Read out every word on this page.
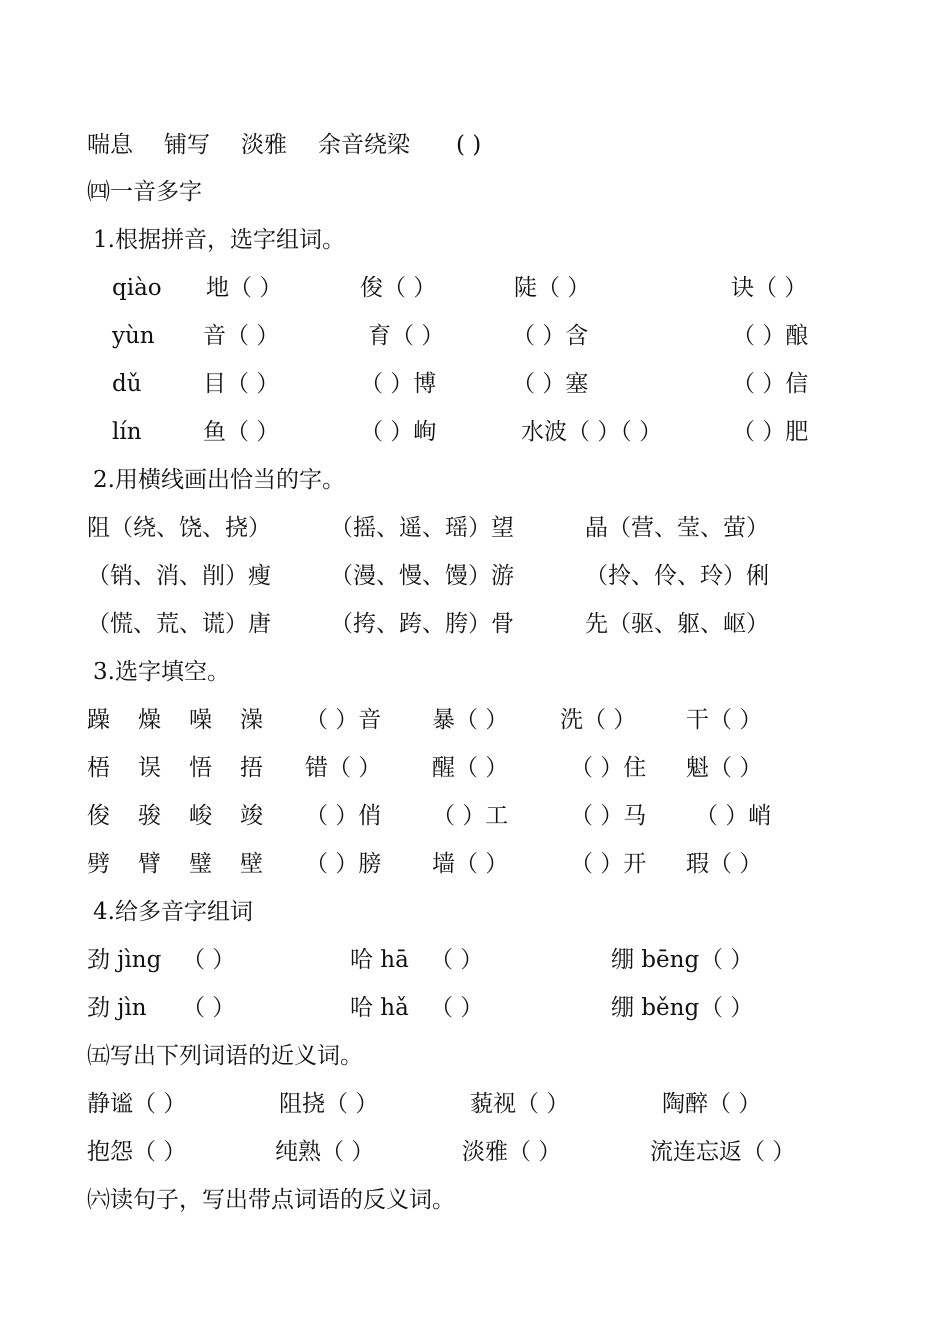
喘息 铺写 淡雅 余音绕梁 ( )
㈣一音多字
1.根据拼音，选字组词。
qiào 地（ ）	俊（ ）	陡（ ）	诀（ ）
yùn 音（ ）	育（ ）	（ ）含	（ ）酿
dǔ	目（ ）	（ ）博	（ ）塞	（ ）信
lín	鱼（ ）	（ ）峋	水波（ ）（ ）	（ ）肥
2.用横线画出恰当的字。
阻（绕、饶、挠）	（摇、遥、瑶）望	晶（营、莹、萤）
（销、消、削）瘦	（漫、慢、馒）游	（拎、伶、玲）俐
（慌、荒、谎）唐	（挎、跨、胯）骨	先（驱、躯、岖）
3.选字填空。
躁 燥 噪 澡 （ ）音 暴（ ） 洗（ ） 干（ ）
梧 误 悟 捂 错（ ） 醒（ ）	（ ）住 魁（ ）
俊 骏 峻 竣 （ ）俏 （ ）工	（ ）马 （ ）峭
劈 臂 璧 壁 （ ）膀 墙（ ）	（ ）开 瑕（ ）
4.给多音字组词
劲 jìng （ ）	哈 hā （ ）	绷 bēng （ ）
劲 jìn （ ）	哈 hǎ （ ）	绷 běng （ ）
㈤写出下列词语的近义词。
静谧（ ）	阻挠（ ）	藐视（ ）	陶醉（ ）
抱怨（ ）	纯熟（ ）	淡雅（ ）	流连忘返（ ）
㈥读句子，写出带点词语的反义词。
